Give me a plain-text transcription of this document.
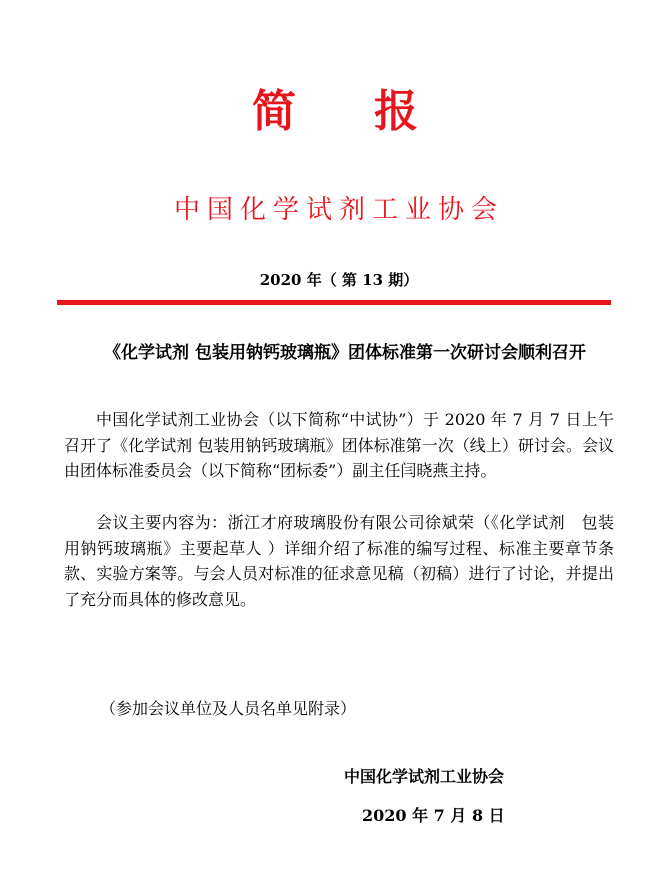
简 报
中国化学试剂工业协会
2020 年（ 第 13 期）
《化学试剂 包装用钠钙玻璃瓶》团体标准第一次研讨会顺利召开

中国化学试剂工业协会（以下简称“中试协”）于 2020 年 7 月 7 日上午召开了《化学试剂 包装用钠钙玻璃瓶》团体标准第一次（线上）研讨会。会议由团体标准委员会（以下简称“团标委”）副主任闫晓燕主持。

会议主要内容为：浙江才府玻璃股份有限公司徐斌荣（《化学试剂　包装用钠钙玻璃瓶》主要起草人 ）详细介绍了标准的编写过程、标准主要章节条款、实验方案等。与会人员对标准的征求意见稿（初稿）进行了讨论，并提出了充分而具体的修改意见。

（参加会议单位及人员名单见附录）
中国化学试剂工业协会
2020 年 7 月 8 日
